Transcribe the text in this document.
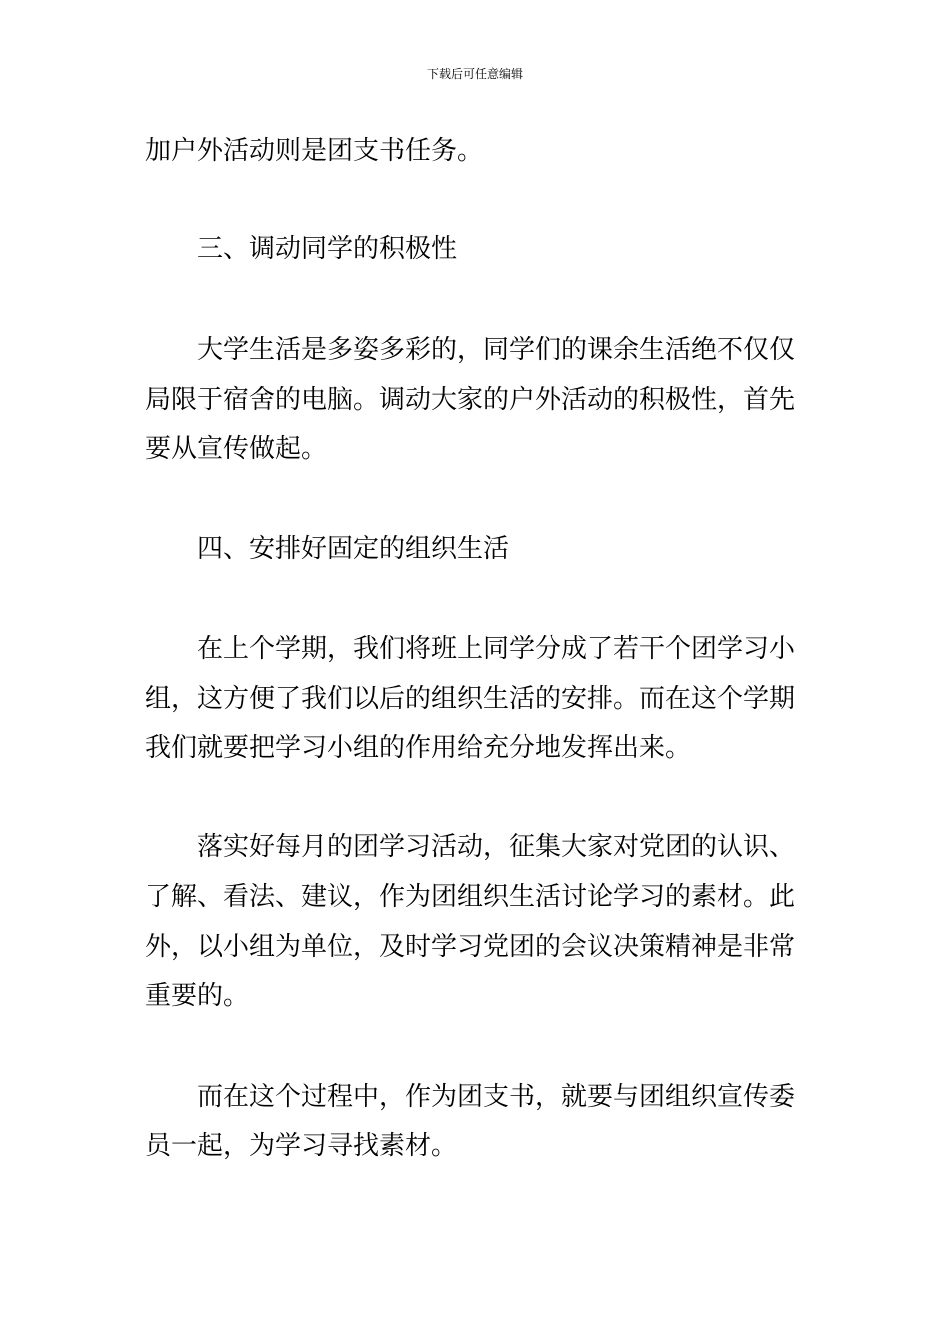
下载后可任意编辑
加户外活动则是团支书任务。
三、调动同学的积极性
大学生活是多姿多彩的，同学们的课余生活绝不仅仅
局限于宿舍的电脑。调动大家的户外活动的积极性，首先
要从宣传做起。
四、安排好固定的组织生活
在上个学期，我们将班上同学分成了若干个团学习小
组，这方便了我们以后的组织生活的安排。而在这个学期
我们就要把学习小组的作用给充分地发挥出来。
落实好每月的团学习活动，征集大家对党团的认识、
了解、看法、建议，作为团组织生活讨论学习的素材。此
外，以小组为单位，及时学习党团的会议决策精神是非常
重要的。
而在这个过程中，作为团支书，就要与团组织宣传委
员一起，为学习寻找素材。
